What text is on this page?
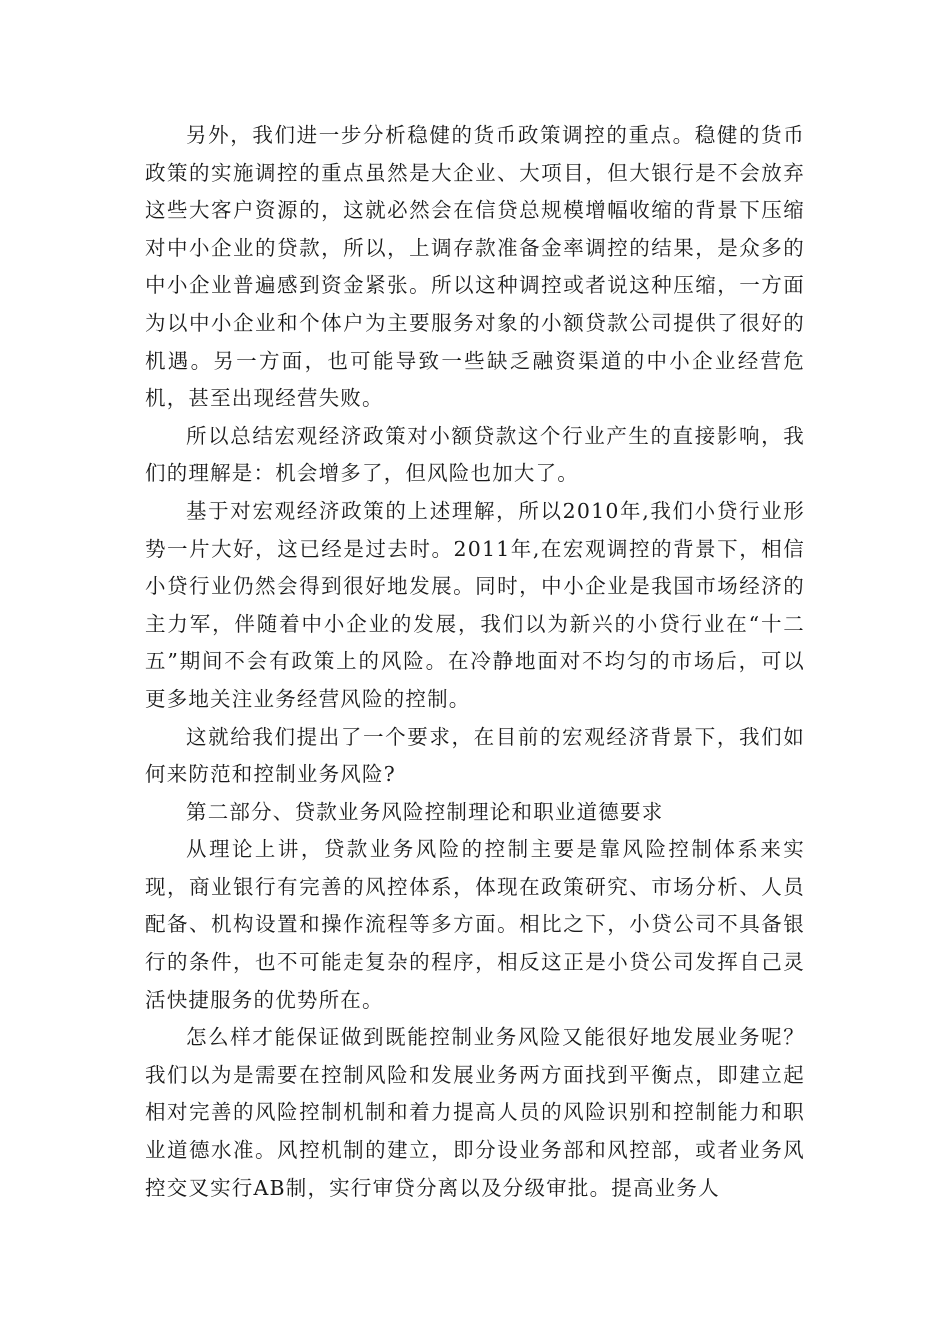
另外，我们进一步分析稳健的货币政策调控的重点。稳健的货币政策的实施调控的重点虽然是大企业、大项目，但大银行是不会放弃这些大客户资源的，这就必然会在信贷总规模增幅收缩的背景下压缩对中小企业的贷款，所以，上调存款准备金率调控的结果，是众多的中小企业普遍感到资金紧张。所以这种调控或者说这种压缩，一方面为以中小企业和个体户为主要服务对象的小额贷款公司提供了很好的机遇。另一方面，也可能导致一些缺乏融资渠道的中小企业经营危机，甚至出现经营失败。

所以总结宏观经济政策对小额贷款这个行业产生的直接影响，我们的理解是：机会增多了，但风险也加大了。

基于对宏观经济政策的上述理解，所以2010年,我们小贷行业形势一片大好，这已经是过去时。2011年,在宏观调控的背景下，相信小贷行业仍然会得到很好地发展。同时，中小企业是我国市场经济的主力军，伴随着中小企业的发展，我们以为新兴的小贷行业在“十二五”期间不会有政策上的风险。在冷静地面对不均匀的市场后，可以更多地关注业务经营风险的控制。

这就给我们提出了一个要求，在目前的宏观经济背景下，我们如何来防范和控制业务风险?

第二部分、贷款业务风险控制理论和职业道德要求

从理论上讲，贷款业务风险的控制主要是靠风险控制体系来实现，商业银行有完善的风控体系，体现在政策研究、市场分析、人员配备、机构设置和操作流程等多方面。相比之下，小贷公司不具备银行的条件，也不可能走复杂的程序，相反这正是小贷公司发挥自己灵活快捷服务的优势所在。

怎么样才能保证做到既能控制业务风险又能很好地发展业务呢？我们以为是需要在控制风险和发展业务两方面找到平衡点，即建立起相对完善的风险控制机制和着力提高人员的风险识别和控制能力和职业道德水准。风控机制的建立，即分设业务部和风控部，或者业务风控交叉实行AB制，实行审贷分离以及分级审批。提高业务人
